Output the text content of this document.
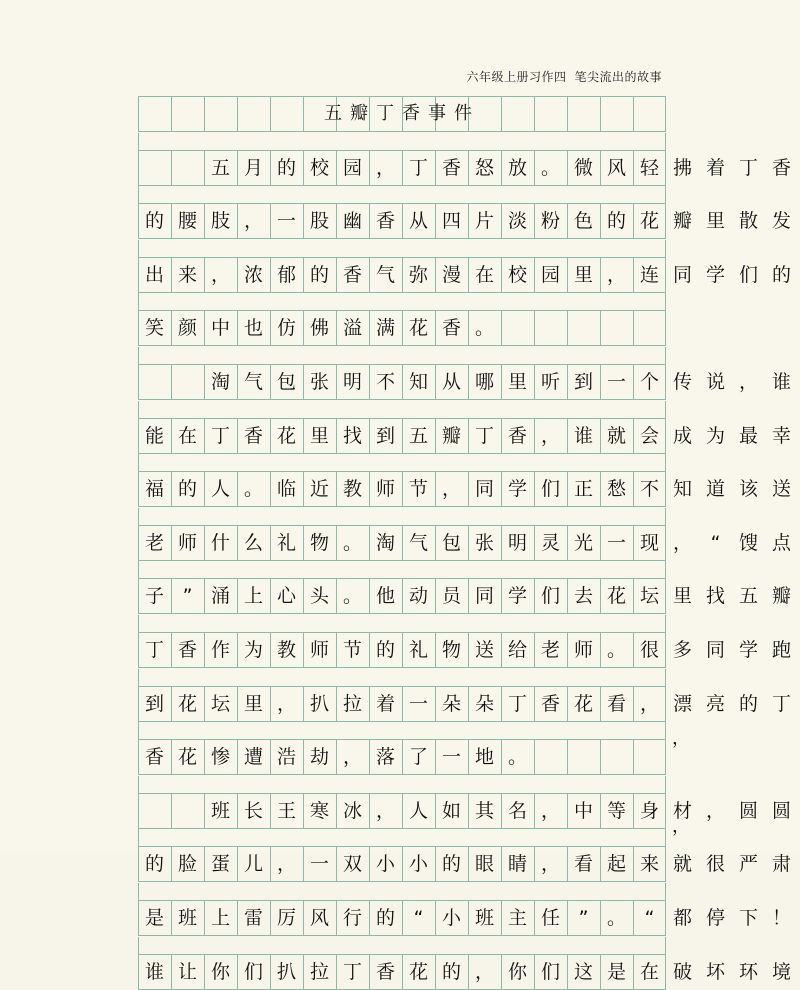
六年级上册习作四 笔尖流出的故事
五瓣丁香事件
五 月 的 校 园 ， 丁 香 怒 放 。 微 风 轻 拂 着 丁 香
的 腰 肢 ， 一 股 幽 香 从 四 片 淡 粉 色 的 花 瓣 里 散 发
出 来 ， 浓 郁 的 香 气 弥 漫 在 校 园 里 ， 连 同 学 们 的
笑 颜 中 也 仿 佛 溢 满 花 香 。
淘 气 包 张 明 不 知 从 哪 里 听 到 一 个 传 说 ， 谁
能 在 丁 香 花 里 找 到 五 瓣 丁 香 ， 谁 就 会 成 为 最 幸
福 的 人 。 临 近 教 师 节 ， 同 学 们 正 愁 不 知 道 该 送
老 师 什 么 礼 物 。 淘 气 包 张 明 灵 光 一 现 ， “ 馊 点
子 ” 涌 上 心 头 。 他 动 员 同 学 们 去 花 坛 里 找 五 瓣
丁 香 作 为 教 师 节 的 礼 物 送 给 老 师 。 很 多 同 学 跑
到 花 坛 里 ， 扒 拉 着 一 朵 朵 丁 香 花 看 ， 漂 亮 的 丁
香 花 惨 遭 浩 劫 ， 落 了 一 地 。
班 长 王 寒 冰 ， 人 如 其 名 ， 中 等 身 材 ， 圆 圆
的 脸 蛋 儿 ， 一 双 小 小 的 眼 睛 ， 看 起 来 就 很 严 肃
是 班 上 雷 厉 风 行 的 “ 小 班 主 任 ” 。 “ 都 停 下 ！
谁 让 你 们 扒 拉 丁 香 花 的 ， 你 们 这 是 在 破 坏 环 境
，
，
